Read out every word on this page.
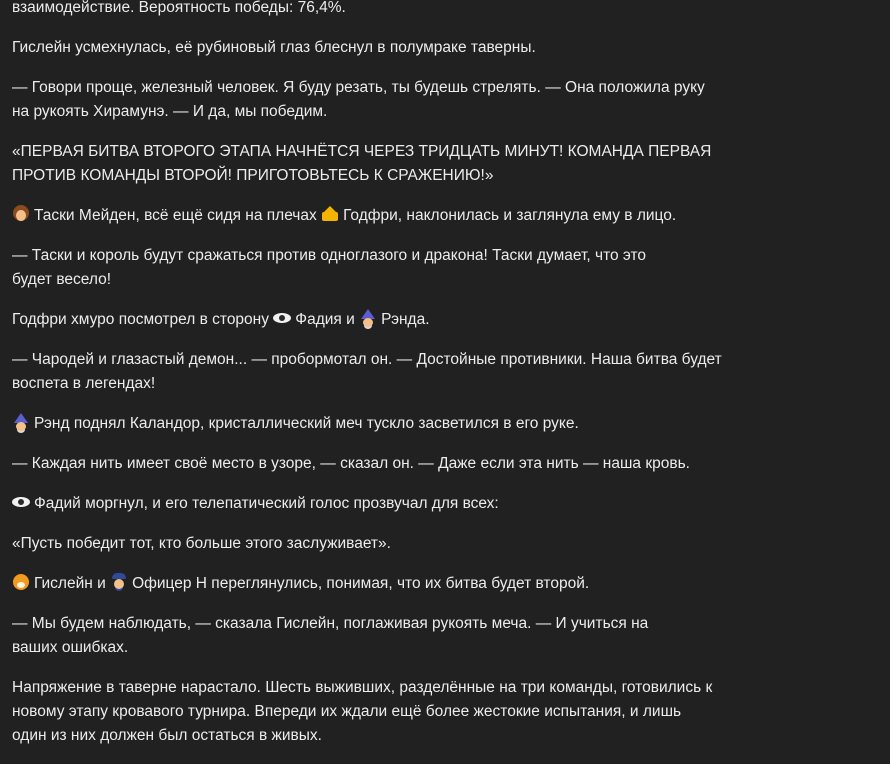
взаимодействие. Вероятность победы: 76,4%.

Гислейн усмехнулась, её рубиновый глаз блеснул в полумраке таверны.

— Говори проще, железный человек. Я буду резать, ты будешь стрелять. — Она положила руку
на рукоять Хирамунэ. — И да, мы победим.

«ПЕРВАЯ БИТВА ВТОРОГО ЭТАПА НАЧНЁТСЯ ЧЕРЕЗ ТРИДЦАТЬ МИНУТ! КОМАНДА ПЕРВАЯ
ПРОТИВ КОМАНДЫ ВТОРОЙ! ПРИГОТОВЬТЕСЬ К СРАЖЕНИЮ!»

Таски Мейден, всё ещё сидя на плечах Годфри, наклонилась и заглянула ему в лицо.

— Таски и король будут сражаться против одноглазого и дракона! Таски думает, что это
будет весело!

Годфри хмуро посмотрел в сторону Фадия и Рэнда.

— Чародей и глазастый демон... — пробормотал он. — Достойные противники. Наша битва будет
воспета в легендах!

Рэнд поднял Каландор, кристаллический меч тускло засветился в его руке.

— Каждая нить имеет своё место в узоре, — сказал он. — Даже если эта нить — наша кровь.

Фадий моргнул, и его телепатический голос прозвучал для всех:

«Пусть победит тот, кто больше этого заслуживает».

Гислейн и Офицер Н переглянулись, понимая, что их битва будет второй.

— Мы будем наблюдать, — сказала Гислейн, поглаживая рукоять меча. — И учиться на
ваших ошибках.

Напряжение в таверне нарастало. Шесть выживших, разделённые на три команды, готовились к
новому этапу кровавого турнира. Впереди их ждали ещё более жестокие испытания, и лишь
один из них должен был остаться в живых.
